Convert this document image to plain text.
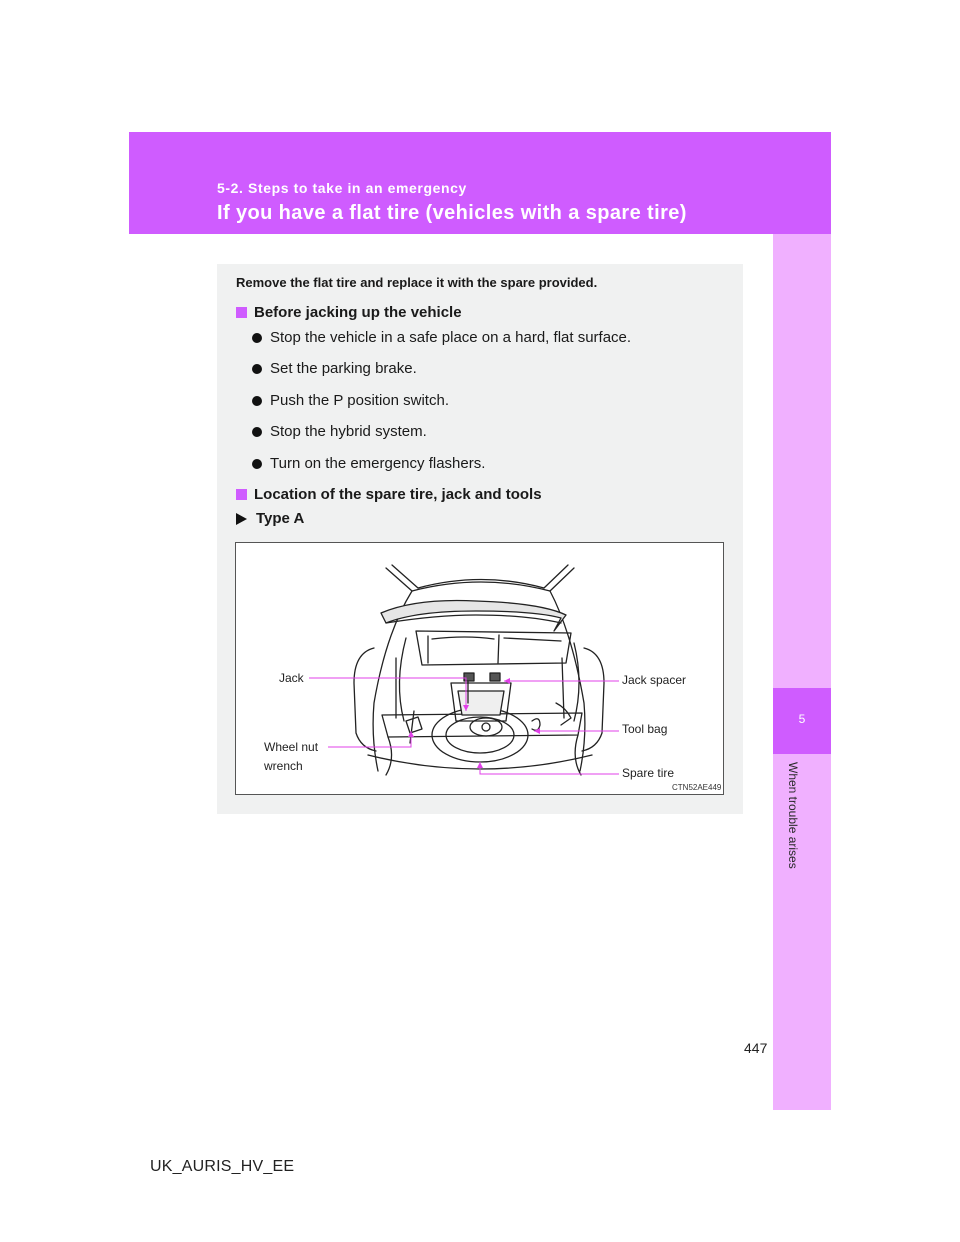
5-2. Steps to take in an emergency
If you have a flat tire (vehicles with a spare tire)
5
When trouble arises
Remove the flat tire and replace it with the spare provided.
Before jacking up the vehicle
Stop the vehicle in a safe place on a hard, flat surface.
Set the parking brake.
Push the P position switch.
Stop the hybrid system.
Turn on the emergency flashers.
Location of the spare tire, jack and tools
Type A
Jack
Wheel nut
wrench
Jack spacer
Tool bag
Spare tire
CTN52AE449
447
UK_AURIS_HV_EE
